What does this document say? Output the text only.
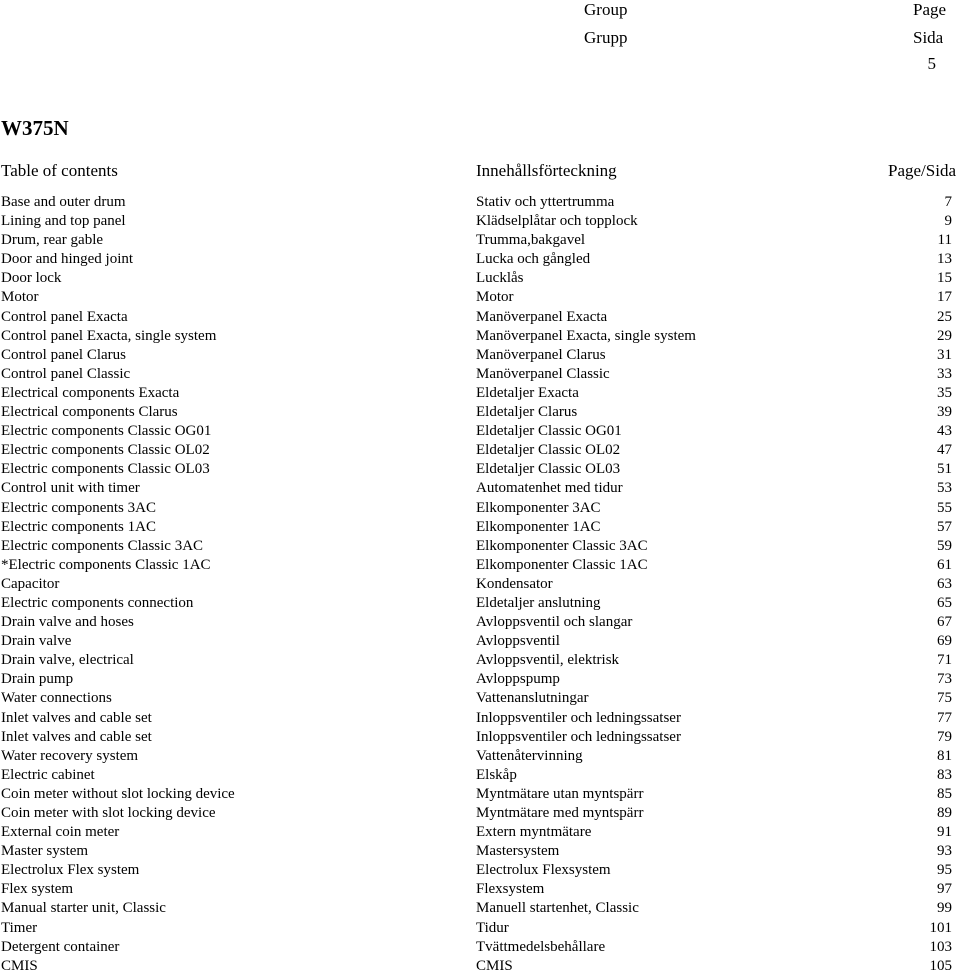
Group	Page
Grupp	Sida
5
W375N
Table of contents	Innehållsförteckning	Page/Sida
Base and outer drum	Stativ och yttertrumma	7
Lining and top panel	Klädselplåtar och topplock	9
Drum, rear gable	Trumma,bakgavel	11
Door and hinged joint	Lucka och gångled	13
Door lock	Lucklås	15
Motor	Motor	17
Control panel Exacta	Manöverpanel Exacta	25
Control panel Exacta, single system	Manöverpanel Exacta, single system	29
Control panel Clarus	Manöverpanel Clarus	31
Control panel Classic	Manöverpanel Classic	33
Electrical components Exacta	Eldetaljer Exacta	35
Electrical components Clarus	Eldetaljer Clarus	39
Electric components Classic OG01	Eldetaljer Classic OG01	43
Electric components Classic OL02	Eldetaljer Classic OL02	47
Electric components Classic OL03	Eldetaljer Classic OL03	51
Control unit with timer	Automatenhet med tidur	53
Electric components 3AC	Elkomponenter 3AC	55
Electric components 1AC	Elkomponenter 1AC	57
Electric components Classic 3AC	Elkomponenter Classic 3AC	59
*Electric components Classic 1AC	Elkomponenter Classic 1AC	61
Capacitor	Kondensator	63
Electric components connection	Eldetaljer anslutning	65
Drain valve and hoses	Avloppsventil och slangar	67
Drain valve	Avloppsventil	69
Drain valve, electrical	Avloppsventil, elektrisk	71
Drain pump	Avloppspump	73
Water connections	Vattenanslutningar	75
Inlet valves and cable set	Inloppsventiler och ledningssatser	77
Inlet valves and cable set	Inloppsventiler och ledningssatser	79
Water recovery system	Vattenåtervinning	81
Electric cabinet	Elskåp	83
Coin meter without slot locking device	Myntmätare utan myntspärr	85
Coin meter with slot locking device	Myntmätare med myntspärr	89
External coin meter	Extern myntmätare	91
Master system	Mastersystem	93
Electrolux Flex system	Electrolux Flexsystem	95
Flex system	Flexsystem	97
Manual starter unit, Classic	Manuell startenhet, Classic	99
Timer	Tidur	101
Detergent container	Tvättmedelsbehållare	103
CMIS	CMIS	105
